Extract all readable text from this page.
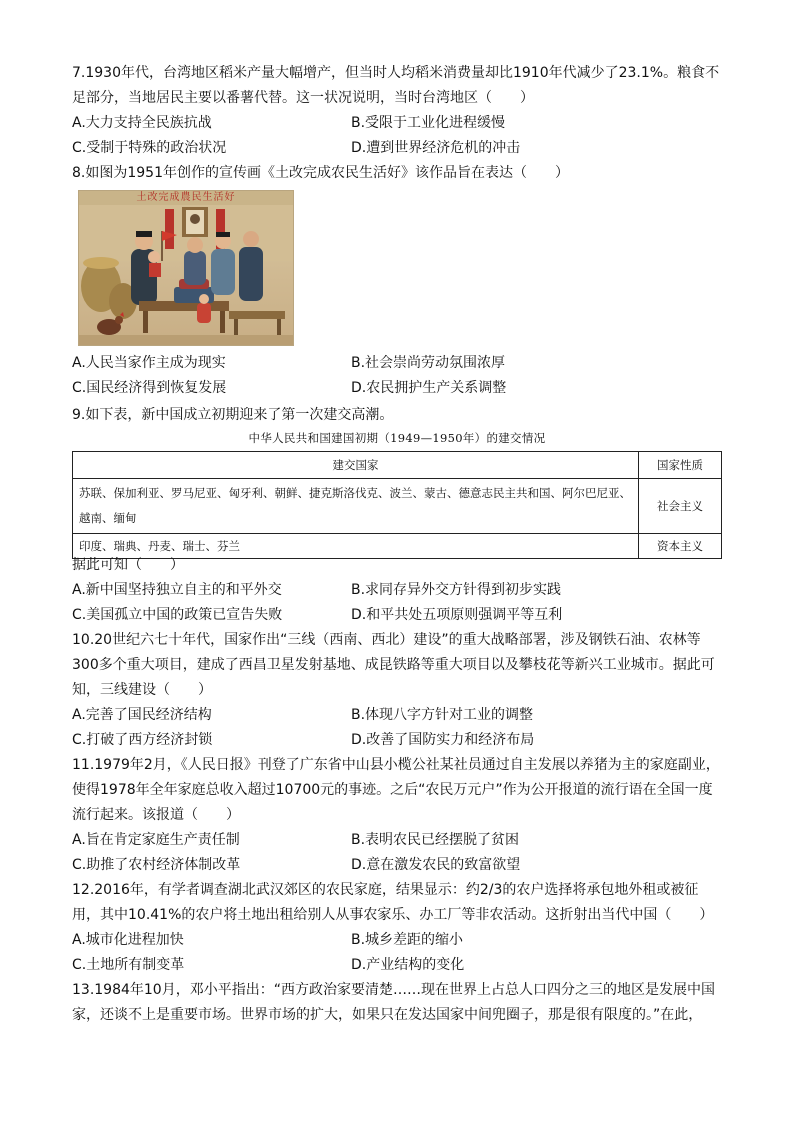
7.1930年代，台湾地区稻米产量大幅增产，但当时人均稻米消费量却比1910年代减少了23.1%。粮食不足部分，当地居民主要以番薯代替。这一状况说明，当时台湾地区（　　）

A.大力支持全民族抗战	B.受限于工业化进程缓慢
C.受制于特殊的政治状况	D.遭到世界经济危机的冲击

8.如图为1951年创作的宣传画《土改完成农民生活好》该作品旨在表达（　　）

土改完成農民生活好
A.人民当家作主成为现实	B.社会崇尚劳动氛围浓厚
C.国民经济得到恢复发展	D.农民拥护生产关系调整

9.如下表，新中国成立初期迎来了第一次建交高潮。

中华人民共和国建国初期（1949—1950年）的建交情况
建交国家	国家性质
苏联、保加利亚、罗马尼亚、匈牙利、朝鲜、捷克斯洛伐克、波兰、蒙古、德意志民主共和国、阿尔巴尼亚、越南、缅甸	社会主义
印度、瑞典、丹麦、瑞士、芬兰	资本主义

据此可知（　　）

A.新中国坚持独立自主的和平外交	B.求同存异外交方针得到初步实践
C.美国孤立中国的政策已宣告失败	D.和平共处五项原则强调平等互利

10.20世纪六七十年代，国家作出“三线（西南、西北）建设”的重大战略部署，涉及钢铁石油、农林等300多个重大项目，建成了西昌卫星发射基地、成昆铁路等重大项目以及攀枝花等新兴工业城市。据此可知，三线建设（　　）

A.完善了国民经济结构	B.体现八字方针对工业的调整
C.打破了西方经济封锁	D.改善了国防实力和经济布局

11.1979年2月，《人民日报》刊登了广东省中山县小榄公社某社员通过自主发展以养猪为主的家庭副业，使得1978年全年家庭总收入超过10700元的事迹。之后“农民万元户”作为公开报道的流行语在全国一度流行起来。该报道（　　）

A.旨在肯定家庭生产责任制	B.表明农民已经摆脱了贫困
C.助推了农村经济体制改革	D.意在激发农民的致富欲望

12.2016年，有学者调查湖北武汉郊区的农民家庭，结果显示：约2/3的农户选择将承包地外租或被征用，其中10.41%的农户将土地出租给别人从事农家乐、办工厂等非农活动。这折射出当代中国（　　）

A.城市化进程加快	B.城乡差距的缩小
C.土地所有制变革	D.产业结构的变化

13.1984年10月，邓小平指出：“西方政治家要清楚……现在世界上占总人口四分之三的地区是发展中国家，还谈不上是重要市场。世界市场的扩大，如果只在发达国家中间兜圈子，那是很有限度的。”在此，
